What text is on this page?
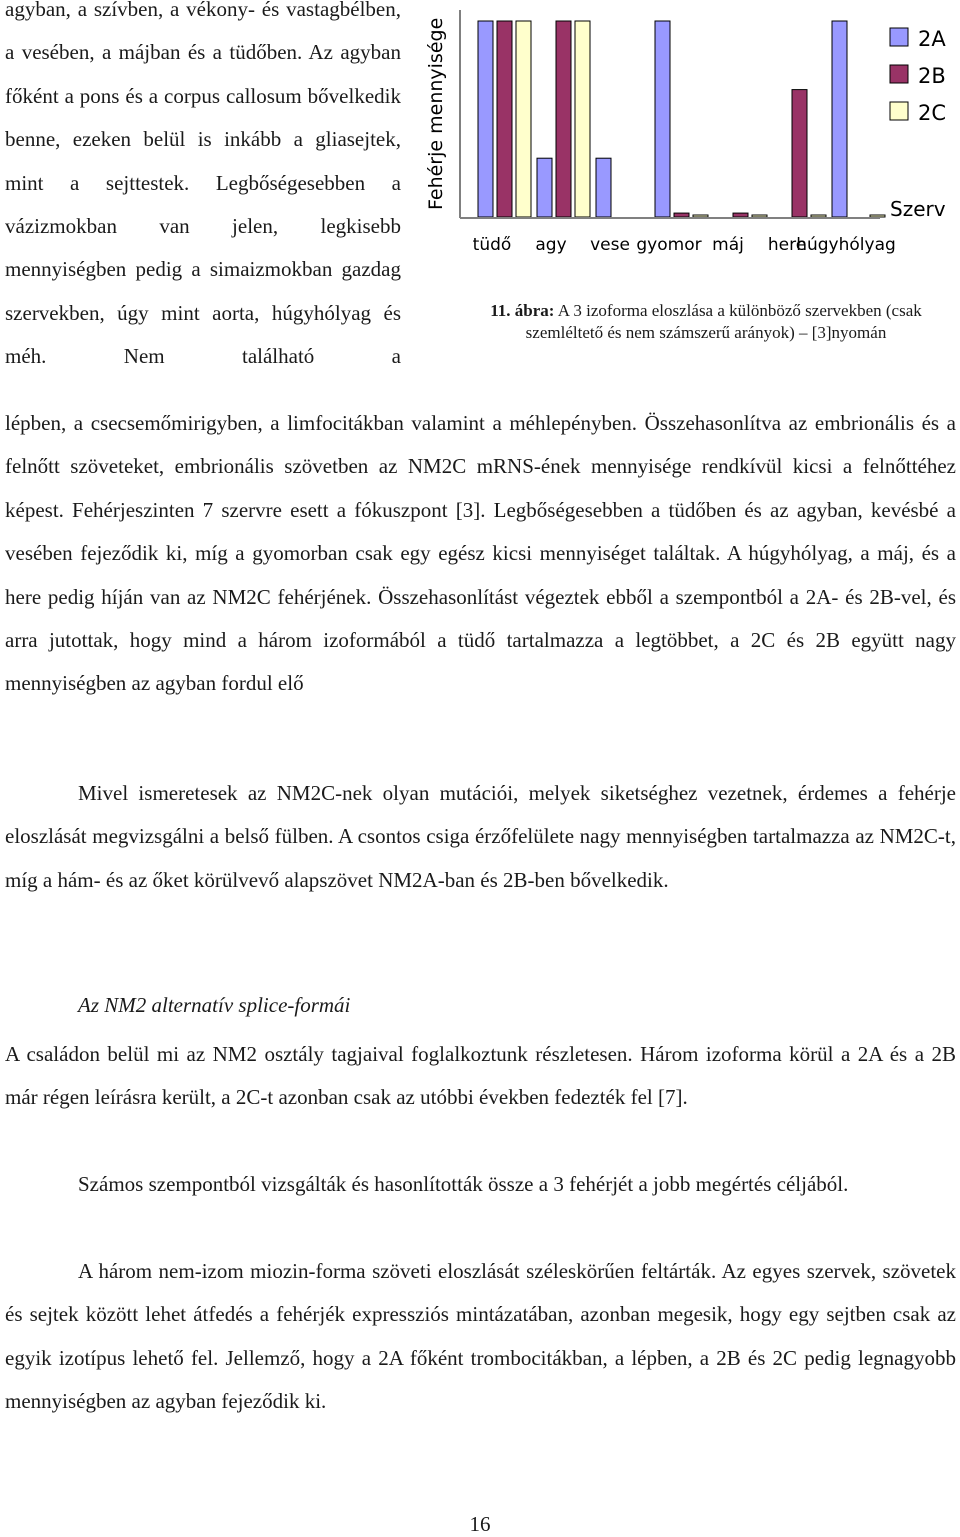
agyban, a szívben, a vékony- és vastagbélben, a vesében, a májban és a tüdőben. Az agyban főként a pons és a corpus callosum bővelkedik benne, ezeken belül is inkább a gliasejtek, mint a sejttestek. Legbőségesebben a vázizmokban van jelen, legkisebb mennyiségben pedig a simaizmokban gazdag szervekben, úgy mint aorta, húgyhólyag és méh. Nem található a

tüdő agy vese gyomor máj here
húgyhólyag
2A
2B
2C
Fehérje mennyisége	Szerv
11. ábra: A 3 izoforma eloszlása a különböző szervekben (csak szemléltető és nem számszerű arányok) – [3]nyomán

lépben, a csecsemőmirigyben, a limfocitákban valamint a méhlepényben. Összehasonlítva az embrionális és a felnőtt szöveteket, embrionális szövetben az NM2C mRNS-ének mennyisége rendkívül kicsi a felnőttéhez képest. Fehérjeszinten 7 szervre esett a fókuszpont [3]. Legbőségesebben a tüdőben és az agyban, kevésbé a vesében fejeződik ki, míg a gyomorban csak egy egész kicsi mennyiséget találtak. A húgyhólyag, a máj, és a here pedig híján van az NM2C fehérjének. Összehasonlítást végeztek ebből a szempontból a 2A- és 2B-vel, és arra jutottak, hogy mind a három izoformából a tüdő tartalmazza a legtöbbet, a 2C és 2B együtt nagy mennyiségben az agyban fordul elő

Mivel ismeretesek az NM2C-nek olyan mutációi, melyek siketséghez vezetnek, érdemes a fehérje eloszlását megvizsgálni a belső fülben. A csontos csiga érzőfelülete nagy mennyiségben tartalmazza az NM2C-t, míg a hám- és az őket körülvevő alapszövet NM2A-ban és 2B-ben bővelkedik.

Az NM2 alternatív splice-formái

A családon belül mi az NM2 osztály tagjaival foglalkoztunk részletesen. Három izoforma körül a 2A és a 2B már régen leírásra került, a 2C-t azonban csak az utóbbi években fedezték fel [7].

Számos szempontból vizsgálták és hasonlították össze a 3 fehérjét a jobb megértés céljából.

A három nem-izom miozin-forma szöveti eloszlását széleskörűen feltárták. Az egyes szervek, szövetek és sejtek között lehet átfedés a fehérjék expressziós mintázatában, azonban megesik, hogy egy sejtben csak az egyik izotípus lehető fel. Jellemző, hogy a 2A főként trombocitákban, a lépben, a 2B és 2C pedig legnagyobb mennyiségben az agyban fejeződik ki.

16
